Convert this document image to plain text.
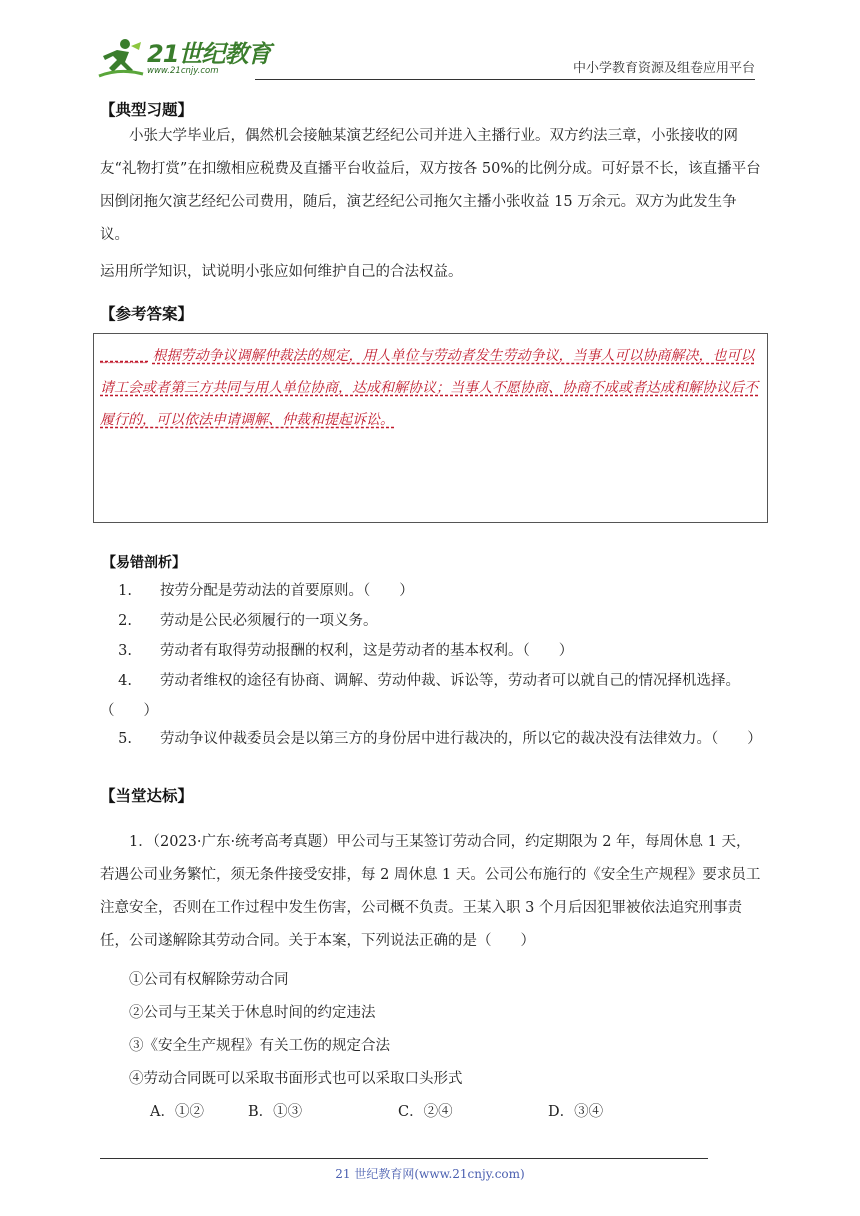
21世纪教育
www.21cnjy.com	中小学教育资源及组卷应用平台
【典型习题】
小张大学毕业后，偶然机会接触某演艺经纪公司并进入主播行业。双方约法三章，小张接收的网友“礼物打赏”在扣缴相应税费及直播平台收益后，双方按各 50%的比例分成。可好景不长，该直播平台因倒闭拖欠演艺经纪公司费用，随后，演艺经纪公司拖欠主播小张收益 15 万余元。双方为此发生争议。
运用所学知识，试说明小张应如何维护自己的合法权益。
【参考答案】
______ 根据劳动争议调解仲裁法的规定，用人单位与劳动者发生劳动争议，当事人可以协商解决，也可以请工会或者第三方共同与用人单位协商，达成和解协议；当事人不愿协商、协商不成或者达成和解协议后不履行的，可以依法申请调解、仲裁和提起诉讼。
【易错剖析】
1. 按劳分配是劳动法的首要原则。（　　）
2. 劳动是公民必须履行的一项义务。
3. 劳动者有取得劳动报酬的权利，这是劳动者的基本权利。（　　）
4. 劳动者维权的途径有协商、调解、劳动仲裁、诉讼等，劳动者可以就自己的情况择机选择。（　　）
5. 劳动争议仲裁委员会是以第三方的身份居中进行裁决的，所以它的裁决没有法律效力。（　　）
【当堂达标】
1．（2023·广东·统考高考真题）甲公司与王某签订劳动合同，约定期限为 2 年，每周休息 1 天，若遇公司业务繁忙，须无条件接受安排，每 2 周休息 1 天。公司公布施行的《安全生产规程》要求员工注意安全，否则在工作过程中发生伤害，公司概不负责。王某入职 3 个月后因犯罪被依法追究刑事责任，公司遂解除其劳动合同。关于本案，下列说法正确的是（　　）
①公司有权解除劳动合同
②公司与王某关于休息时间的约定违法
③《安全生产规程》有关工伤的规定合法
④劳动合同既可以采取书面形式也可以采取口头形式
A．①②	B．①③	C．②④	D．③④
21 世纪教育网(www.21cnjy.com)
